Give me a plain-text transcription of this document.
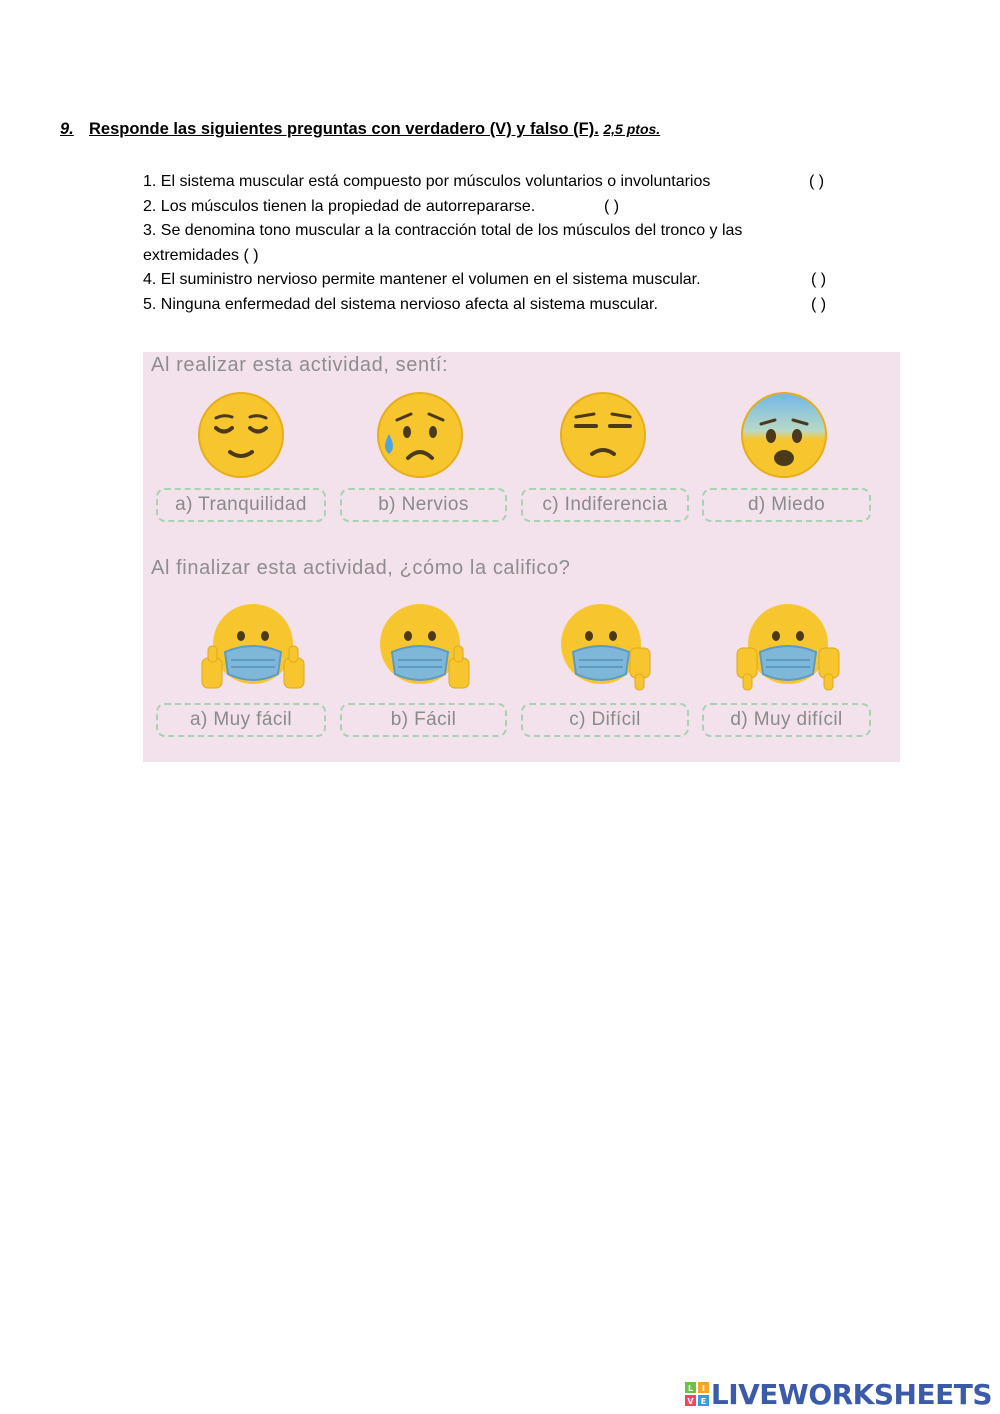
9. Responde las siguientes preguntas con verdadero (V) y falso (F). 2,5 ptos.
1. El sistema muscular está compuesto por músculos voluntarios o involuntarios	( )
2. Los músculos tienen la propiedad de autorrepararse.	( )
3. Se denomina tono muscular a la contracción total de los músculos del tronco y las
extremidades ( )
4. El suministro nervioso permite mantener el volumen en el sistema muscular.	( )
5. Ninguna enfermedad del sistema nervioso afecta al sistema muscular.	( )
Al realizar esta actividad, sentí:
a) Tranquilidad	b) Nervios	c) Indiferencia	d) Miedo
Al finalizar esta actividad, ¿cómo la califico?
a) Muy fácil	b) Fácil	c) Difícil	d) Muy difícil
L I
V E LIVEWORKSHEETS
